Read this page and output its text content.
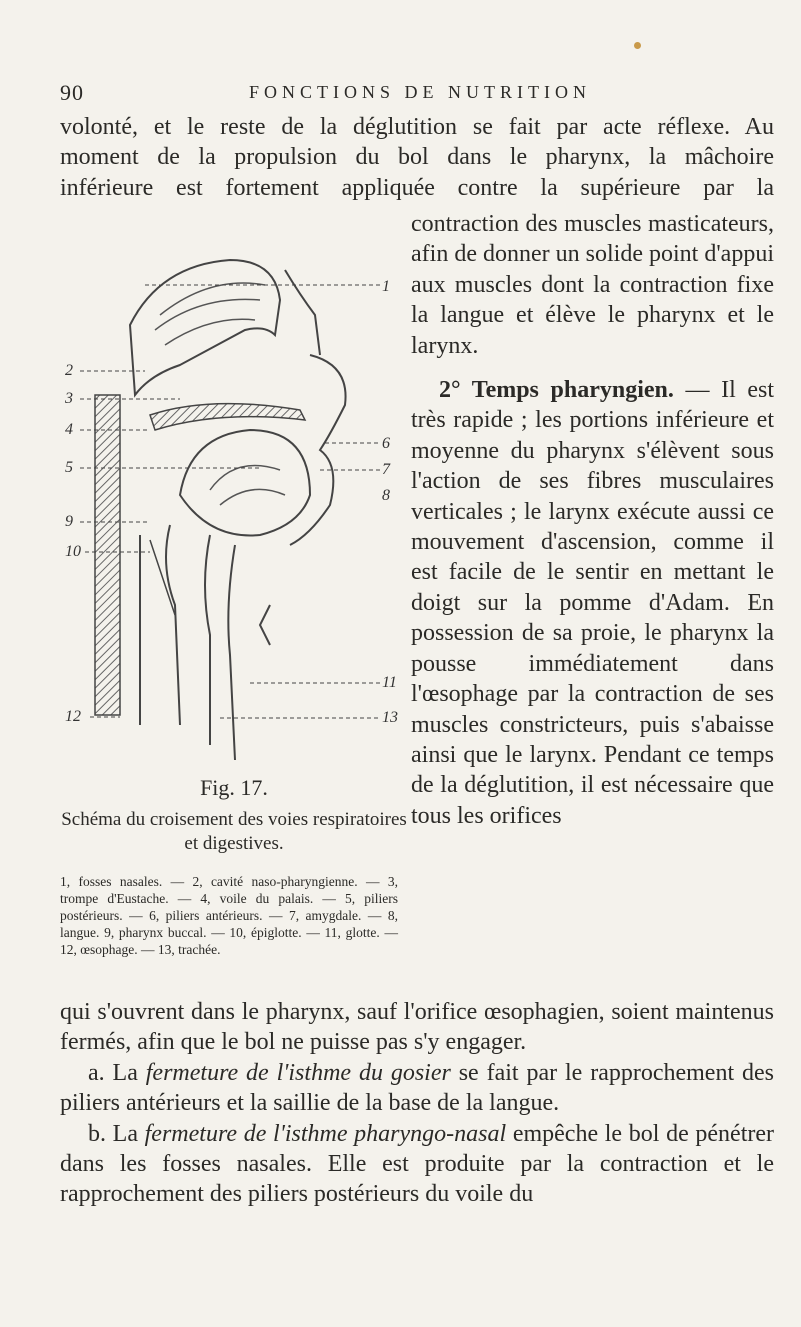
90	FONCTIONS DE NUTRITION
volonté, et le reste de la déglutition se fait par acte réflexe. Au
moment de la propulsion du bol dans le pharynx, la mâchoire
inférieure est fortement appliquée contre la supérieure par la

contraction des muscles masticateurs, afin de donner un solide point d'appui aux muscles dont la contraction fixe la langue et élève le pharynx et le larynx.

2° Temps pharyngien. — Il est très rapide ; les portions inférieure et moyenne du pharynx s'élèvent sous l'action de ses fibres musculaires verticales ; le larynx exécute aussi ce mouvement d'ascension, comme il est facile de le sentir en mettant le doigt sur la pomme d'Adam. En possession de sa proie, le pharynx la pousse immédiatement dans l'œsophage par la contraction de ses muscles constricteurs, puis s'abaisse ainsi que le larynx. Pendant ce temps de la déglutition, il est nécessaire que tous les orifices

1
2
3
4
5
6
7
8
9
10
11
12	13
Fig. 17.
Schéma du croisement des voies respiratoires et digestives.
1, fosses nasales. — 2, cavité naso-pharyngienne. — 3, trompe d'Eustache. — 4, voile du palais. — 5, piliers postérieurs. — 6, piliers antérieurs. — 7, amygdale. — 8, langue. 9, pharynx buccal. — 10, épiglotte. — 11, glotte. — 12, œsophage. — 13, trachée.

qui s'ouvrent dans le pharynx, sauf l'orifice œsophagien, soient maintenus fermés, afin que le bol ne puisse pas s'y engager.

a. La fermeture de l'isthme du gosier se fait par le rapprochement des piliers antérieurs et la saillie de la base de la langue.

b. La fermeture de l'isthme pharyngo-nasal empêche le bol de pénétrer dans les fosses nasales. Elle est produite par la contraction et le rapprochement des piliers postérieurs du voile du
